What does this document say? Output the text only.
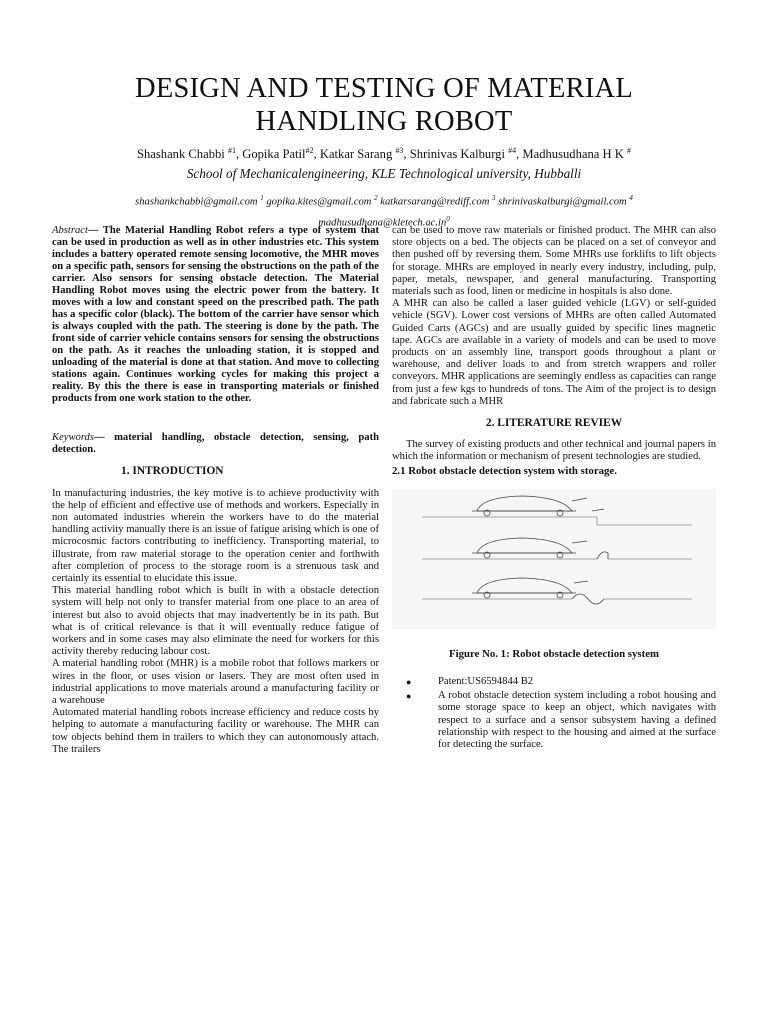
DESIGN AND TESTING OF MATERIAL HANDLING ROBOT
Shashank Chabbi $^{\#1}$, Gopika Patil$^{\#2}$, Katkar Sarang $^{\#3}$, Shrinivas Kalburgi $^{\#4}$, Madhusudhana H K #
School of Mechanicalengineering, KLE Technological university, Hubballi
shashankchabbi@gmail.com $^1$ gopika.kites@gmail.com $^2$ katkarsarang@rediff.com $^3$ shrinivaskalburgi@gmail.com $^4$
$madhusudhana@kletech.ac.in^0$

Abstract— The Material Handling Robot refers a type of system that can be used in production as well as in other industries etc. This system includes a battery operated remote sensing locomotive, the MHR moves on a specific path, sensors for sensing the obstructions on the path of the carrier. Also sensors for sensing obstacle detection. The Material Handling Robot moves using the electric power from the battery. It moves with a low and constant speed on the prescribed path. The path has a specific color (black). The bottom of the carrier have sensor which is always coupled with the path. The steering is done by the path. The front side of carrier vehicle contains sensors for sensing the obstructions on the path. As it reaches the unloading station, it is stopped and unloading of the material is done at that station. And move to collecting stations again. Continues working cycles for making this project a reality. By this the there is ease in transporting materials or finished products from one work station to the other.

Keywords— material handling, obstacle detection, sensing, path detection.

1. INTRODUCTION

In manufacturing industries, the key motive is to achieve productivity with the help of efficient and effective use of methods and workers. Especially in non automated industries wherein the workers have to do the material handling activity manually there is an issue of fatigue arising which is one of microcosmic factors contributing to inefficiency. Transporting material, to illustrate, from raw material storage to the operation center and forthwith after completion of process to the storage room is a strenuous task and certainly its essential to elucidate this issue.

This material handling robot which is built in with a obstacle detection system will help not only to transfer material from one place to an area of interest but also to avoid objects that may inadvertently be in its path. But what is of critical relevance is that it will eventually reduce fatigue of workers and in some cases may also eliminate the need for workers for this activity thereby reducing labour cost.

A material handling robot (MHR) is a mobile robot that follows markers or wires in the floor, or uses vision or lasers. They are most often used in industrial applications to move materials around a manufacturing facility or a warehouse

Automated material handling robots increase efficiency and reduce costs by helping to automate a manufacturing facility or warehouse. The MHR can tow objects behind them in trailers to which they can autonomously attach. The trailers

can be used to move raw materials or finished product. The MHR can also store objects on a bed. The objects can be placed on a set of conveyor and then pushed off by reversing them. Some MHRs use forklifts to lift objects for storage. MHRs are employed in nearly every industry, including, pulp, paper, metals, newspaper, and general manufacturing. Transporting materials such as food, linen or medicine in hospitals is also done.

A MHR can also be called a laser guided vehicle (LGV) or self-guided vehicle (SGV). Lower cost versions of MHRs are often called Automated Guided Carts (AGCs) and are usually guided by specific lines magnetic tape. AGCs are available in a variety of models and can be used to move products on an assembly line, transport goods throughout a plant or warehouse, and deliver loads to and from stretch wrappers and roller conveyors. MHR applications are seemingly endless as capacities can range from just a few kgs to hundreds of tons. The Aim of the project is to design and fabricate such a MHR

2. LITERATURE REVIEW

The survey of existing products and other technical and journal papers in which the information or mechanism of present technologies are studied.

2.1 Robot obstacle detection system with storage.
Figure No. 1: Robot obstacle detection system
●	Patent:US6594844 B2
●	A robot obstacle detection system including a robot housing and some storage space to keep an object, which navigates with respect to a surface and a sensor subsystem having a defined relationship with respect to the housing and aimed at the surface for detecting the surface.
